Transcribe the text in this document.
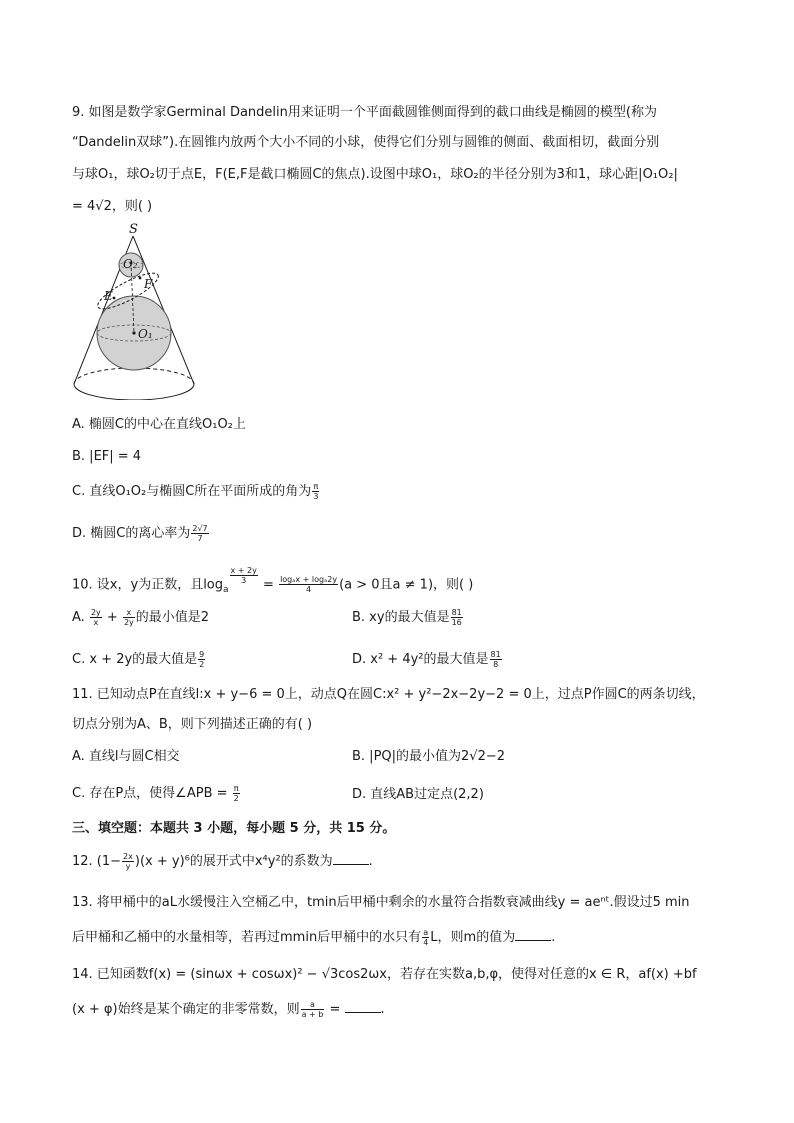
9. 如图是数学家Germinal Dandelin用来证明一个平面截圆锥侧面得到的截口曲线是椭圆的模型(称为
“Dandelin双球”).在圆锥内放两个大小不同的小球，使得它们分别与圆锥的侧面、截面相切，截面分别
与球O₁，球O₂切于点E，F(E,F是截口椭圆C的焦点).设图中球O₁，球O₂的半径分别为3和1，球心距|O₁O₂|
= 4√2，则( )
S
O₂
E
F
O₁
A. 椭圆C的中心在直线O₁O₂上
B. |EF| = 4
C. 直线O₁O₂与椭圆C所在平面所成的角为 $\frac{\pi}{3}$
D. 椭圆C的离心率为 $\frac{2√7}{7}$
10. 设x，y为正数，且$\log_a$
$\frac{x + 2y}{3} = \frac{\text{logₐx + logₐ2y}}{4} (a > 0$且a ≠ 1)，则( )
A. $\frac{2y}{x} + \frac{x}{2y}$ 的最小值是2	B. xy的最大值是 $\frac{81}{16}$
C. x + 2y的最大值是 $\frac{9}{2}$	D. x² + 4y²的最大值是 $\frac{81}{8}$
11. 已知动点P在直线l:x + y−6 = 0上，动点Q在圆C:x² + y²−2x−2y−2 = 0上，过点P作圆C的两条切线，
切点分别为A、B，则下列描述正确的有( )
A. 直线l与圆C相交	B. |PQ|的最小值为2√2−2
C. 存在P点，使得∠APB = $\frac{\pi}{2}$	D. 直线AB过定点(2,2)
三、填空题：本题共 3 小题，每小题 5 分，共 15 分。
12. $(1- \frac{2x}{y} )(x + y)^6$的展开式中x⁴y²的系数为	.
13. 将甲桶中的aL水缓慢注入空桶乙中，tmin后甲桶中剩余的水量符合指数衰减曲线y = aeⁿᵗ.假设过5 min
后甲桶和乙桶中的水量相等，若再过mmin后甲桶中的水只有 $\frac{a}{4}$ L，则m的值为	.
14. 已知函数f(x) = (sinωx + cosωx)² − √3cos2ωx，若存在实数a,b,φ，使得对任意的x ∈ R，af(x) +bf
(x + φ)始终是某个确定的非零常数，则 $\frac{a}{a + b}$ =	.
